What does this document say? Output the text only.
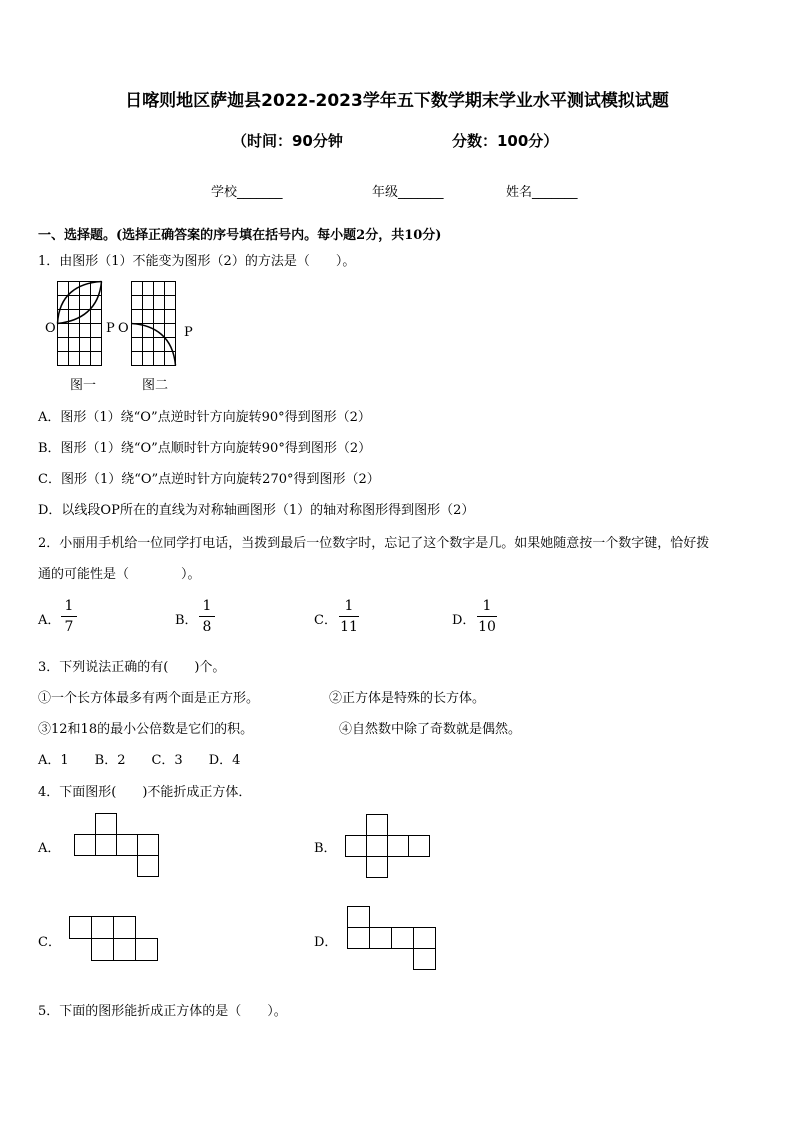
日喀则地区萨迦县2022-2023学年五下数学期末学业水平测试模拟试题
（时间：90分钟	分数：100分）
学校_______	年级_______	姓名_______
一、选择题。(选择正确答案的序号填在括号内。每小题2分，共10分)
1．由图形（1）不能变为图形（2）的方法是（　　）。
O	P
图一
O	P
图二
A．图形（1）绕“O”点逆时针方向旋转90°得到图形（2）
B．图形（1）绕“O”点顺时针方向旋转90°得到图形（2）
C．图形（1）绕“O”点逆时针方向旋转270°得到图形（2）
D．以线段OP所在的直线为对称轴画图形（1）的轴对称图形得到图形（2）
2．小丽用手机给一位同学打电话，当拨到最后一位数字时，忘记了这个数字是几。如果她随意按一个数字键，恰好拨
通的可能性是（　　　　）。
A．
1
7	B．
1
8	C．
1
11	D．
1
10
3．下列说法正确的有(　　)个。
①一个长方体最多有两个面是正方形。	②正方体是特殊的长方体。
③12和18的最小公倍数是它们的积。	④自然数中除了奇数就是偶然。
A．1　　B．2　　C．3　　D．4
4．下面图形(　　)不能折成正方体．
A．	B．
C．	D．
5．下面的图形能折成正方体的是（　　）。
